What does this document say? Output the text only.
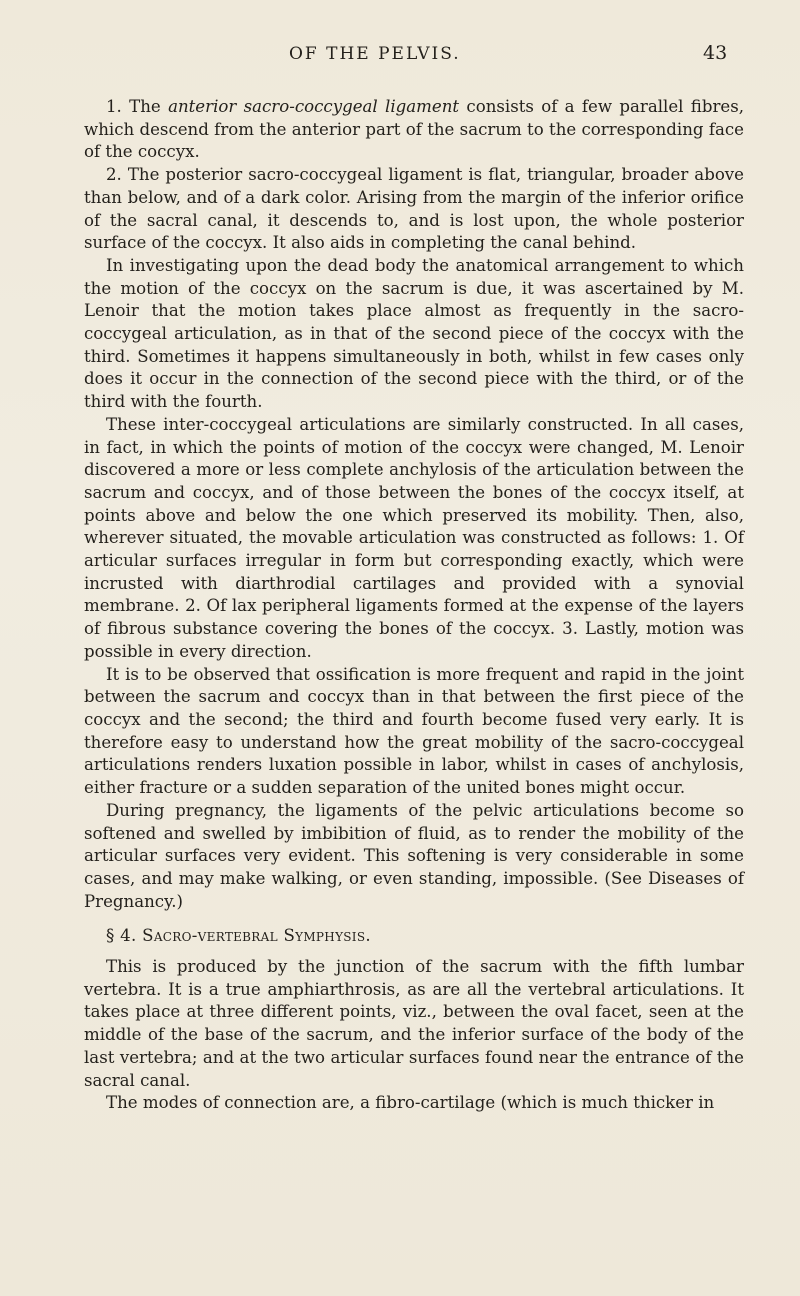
OF THE PELVIS.	43

1. The anterior sacro-coccygeal ligament consists of a few parallel fibres, which descend from the anterior part of the sacrum to the corresponding face of the coccyx.

2. The posterior sacro-coccygeal ligament is flat, triangular, broader above than below, and of a dark color. Arising from the margin of the inferior orifice of the sacral canal, it descends to, and is lost upon, the whole posterior surface of the coccyx. It also aids in completing the canal behind.

In investigating upon the dead body the anatomical arrangement to which the motion of the coccyx on the sacrum is due, it was ascertained by M. Lenoir that the motion takes place almost as frequently in the sacro-coccygeal articulation, as in that of the second piece of the coccyx with the third. Sometimes it happens simultaneously in both, whilst in few cases only does it occur in the connection of the second piece with the third, or of the third with the fourth.

These inter-coccygeal articulations are similarly constructed. In all cases, in fact, in which the points of motion of the coccyx were changed, M. Lenoir discovered a more or less complete anchylosis of the articulation between the sacrum and coccyx, and of those between the bones of the coccyx itself, at points above and below the one which preserved its mobility. Then, also, wherever situated, the movable articulation was constructed as follows: 1. Of articular surfaces irregular in form but corresponding exactly, which were incrusted with diarthrodial cartilages and provided with a synovial membrane. 2. Of lax peripheral ligaments formed at the expense of the layers of fibrous substance covering the bones of the coccyx. 3. Lastly, motion was possible in every direction.

It is to be observed that ossification is more frequent and rapid in the joint between the sacrum and coccyx than in that between the first piece of the coccyx and the second; the third and fourth become fused very early. It is therefore easy to understand how the great mobility of the sacro-coccygeal articulations renders luxation possible in labor, whilst in cases of anchylosis, either fracture or a sudden separation of the united bones might occur.

During pregnancy, the ligaments of the pelvic articulations become so softened and swelled by imbibition of fluid, as to render the mobility of the articular surfaces very evident. This softening is very considerable in some cases, and may make walking, or even standing, impossible. (See Diseases of Pregnancy.)

§ 4. Sacro-vertebral Symphysis.

This is produced by the junction of the sacrum with the fifth lumbar vertebra. It is a true amphiarthrosis, as are all the vertebral articulations. It takes place at three different points, viz., between the oval facet, seen at the middle of the base of the sacrum, and the inferior surface of the body of the last vertebra; and at the two articular surfaces found near the entrance of the sacral canal.

The modes of connection are, a fibro-cartilage (which is much thicker in
